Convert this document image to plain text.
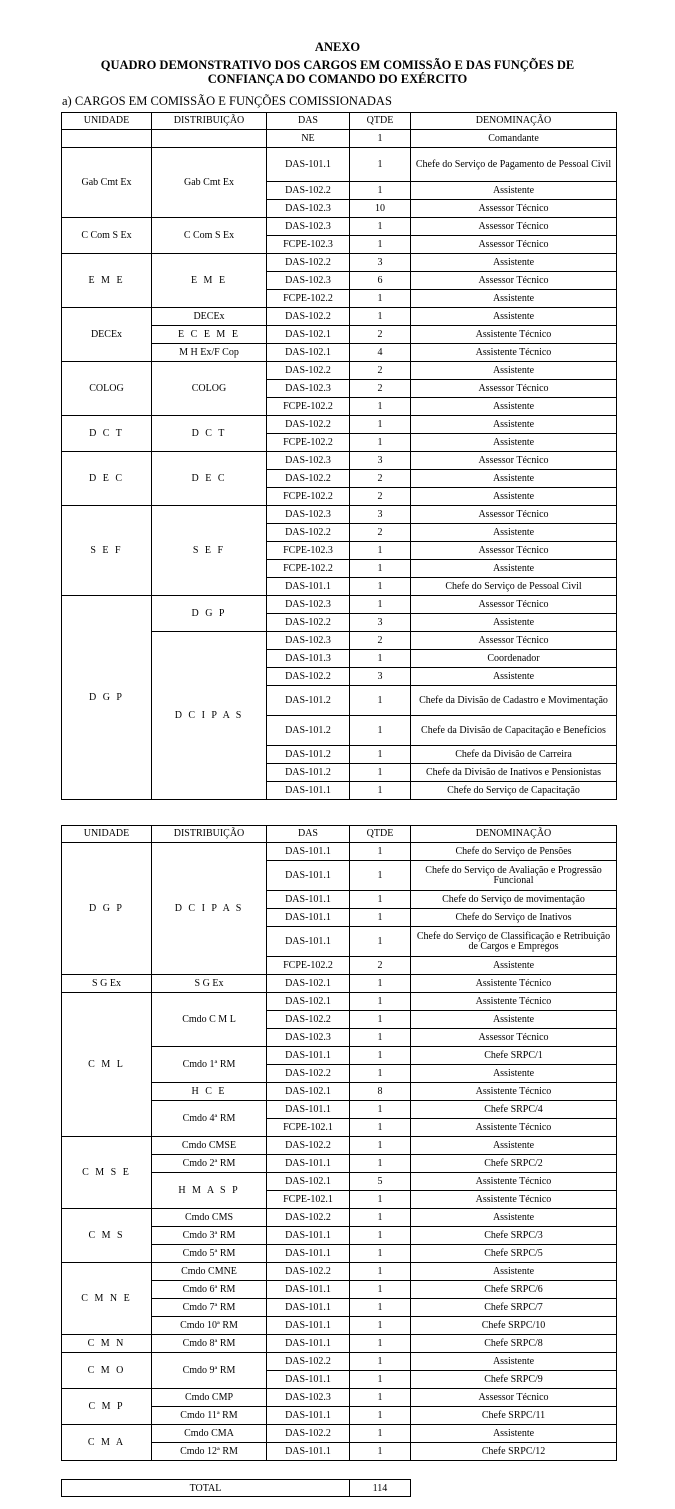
ANEXO
QUADRO DEMONSTRATIVO DOS CARGOS EM COMISSÃO E DAS FUNÇÕES DE
CONFIANÇA DO COMANDO DO EXÉRCITO
a) CARGOS EM COMISSÃO E FUNÇÕES COMISSIONADAS
UNIDADE	DISTRIBUIÇÃO	DAS	QTDE	DENOMINAÇÃO
		NE	1	Comandante
Gab Cmt Ex	Gab Cmt Ex	DAS-101.1	1	Chefe do Serviço de Pagamento de Pessoal Civil
		DAS-102.2	1	Assistente
		DAS-102.3	10	Assessor Técnico
C Com S Ex	C Com S Ex	DAS-102.3	1	Assessor Técnico
		FCPE-102.3	1	Assessor Técnico
E M E	E M E	DAS-102.2	3	Assistente
		DAS-102.3	6	Assessor Técnico
		FCPE-102.2	1	Assistente
DECEx	DECEx	DAS-102.2	1	Assistente
	E C E M E	DAS-102.1	2	Assistente Técnico
	M H Ex/F Cop	DAS-102.1	4	Assistente Técnico
COLOG	COLOG	DAS-102.2	2	Assistente
		DAS-102.3	2	Assessor Técnico
		FCPE-102.2	1	Assistente
D C T	D C T	DAS-102.2	1	Assistente
		FCPE-102.2	1	Assistente
D E C	D E C	DAS-102.3	3	Assessor Técnico
		DAS-102.2	2	Assistente
		FCPE-102.2	2	Assistente
S E F	S E F	DAS-102.3	3	Assessor Técnico
		DAS-102.2	2	Assistente
		FCPE-102.3	1	Assessor Técnico
		FCPE-102.2	1	Assistente
		DAS-101.1	1	Chefe do Serviço de Pessoal Civil
D G P	D G P	DAS-102.3	1	Assessor Técnico
		DAS-102.2	3	Assistente
	D C I P A S	DAS-102.3	2	Assessor Técnico
		DAS-101.3	1	Coordenador
		DAS-102.2	3	Assistente
		DAS-101.2	1	Chefe da Divisão de Cadastro e Movimentação
		DAS-101.2	1	Chefe da Divisão de Capacitação e Benefícios
		DAS-101.2	1	Chefe da Divisão de Carreira
		DAS-101.2	1	Chefe da Divisão de Inativos e Pensionistas
		DAS-101.1	1	Chefe do Serviço de Capacitação
UNIDADE	DISTRIBUIÇÃO	DAS	QTDE	DENOMINAÇÃO
D G P	D C I P A S	DAS-101.1	1	Chefe do Serviço de Pensões
		DAS-101.1	1	Chefe do Serviço de Avaliação e Progressão Funcional
		DAS-101.1	1	Chefe do Serviço de movimentação
		DAS-101.1	1	Chefe do Serviço de Inativos
		DAS-101.1	1	Chefe do Serviço de Classificação e Retribuição de Cargos e Empregos
		FCPE-102.2	2	Assistente
S G Ex	S G Ex	DAS-102.1	1	Assistente Técnico
C M L	Cmdo C M L	DAS-102.1	1	Assistente Técnico
		DAS-102.2	1	Assistente
		DAS-102.3	1	Assessor Técnico
	Cmdo 1ª RM	DAS-101.1	1	Chefe SRPC/1
		DAS-102.2	1	Assistente
	H C E	DAS-102.1	8	Assistente Técnico
	Cmdo 4ª RM	DAS-101.1	1	Chefe SRPC/4
		FCPE-102.1	1	Assistente Técnico
C M S E	Cmdo CMSE	DAS-102.2	1	Assistente
	Cmdo 2ª RM	DAS-101.1	1	Chefe SRPC/2
	H M A S P	DAS-102.1	5	Assistente Técnico
		FCPE-102.1	1	Assistente Técnico
C M S	Cmdo CMS	DAS-102.2	1	Assistente
	Cmdo 3ª RM	DAS-101.1	1	Chefe SRPC/3
	Cmdo 5ª RM	DAS-101.1	1	Chefe SRPC/5
C M N E	Cmdo CMNE	DAS-102.2	1	Assistente
	Cmdo 6ª RM	DAS-101.1	1	Chefe SRPC/6
	Cmdo 7ª RM	DAS-101.1	1	Chefe SRPC/7
	Cmdo 10ª RM	DAS-101.1	1	Chefe SRPC/10
C M N	Cmdo 8ª RM	DAS-101.1	1	Chefe SRPC/8
C M O	Cmdo 9ª RM	DAS-102.2	1	Assistente
		DAS-101.1	1	Chefe SRPC/9
C M P	Cmdo CMP	DAS-102.3	1	Assessor Técnico
	Cmdo 11ª RM	DAS-101.1	1	Chefe SRPC/11
C M A	Cmdo CMA	DAS-102.2	1	Assistente
	Cmdo 12ª RM	DAS-101.1	1	Chefe SRPC/12
TOTAL	114
